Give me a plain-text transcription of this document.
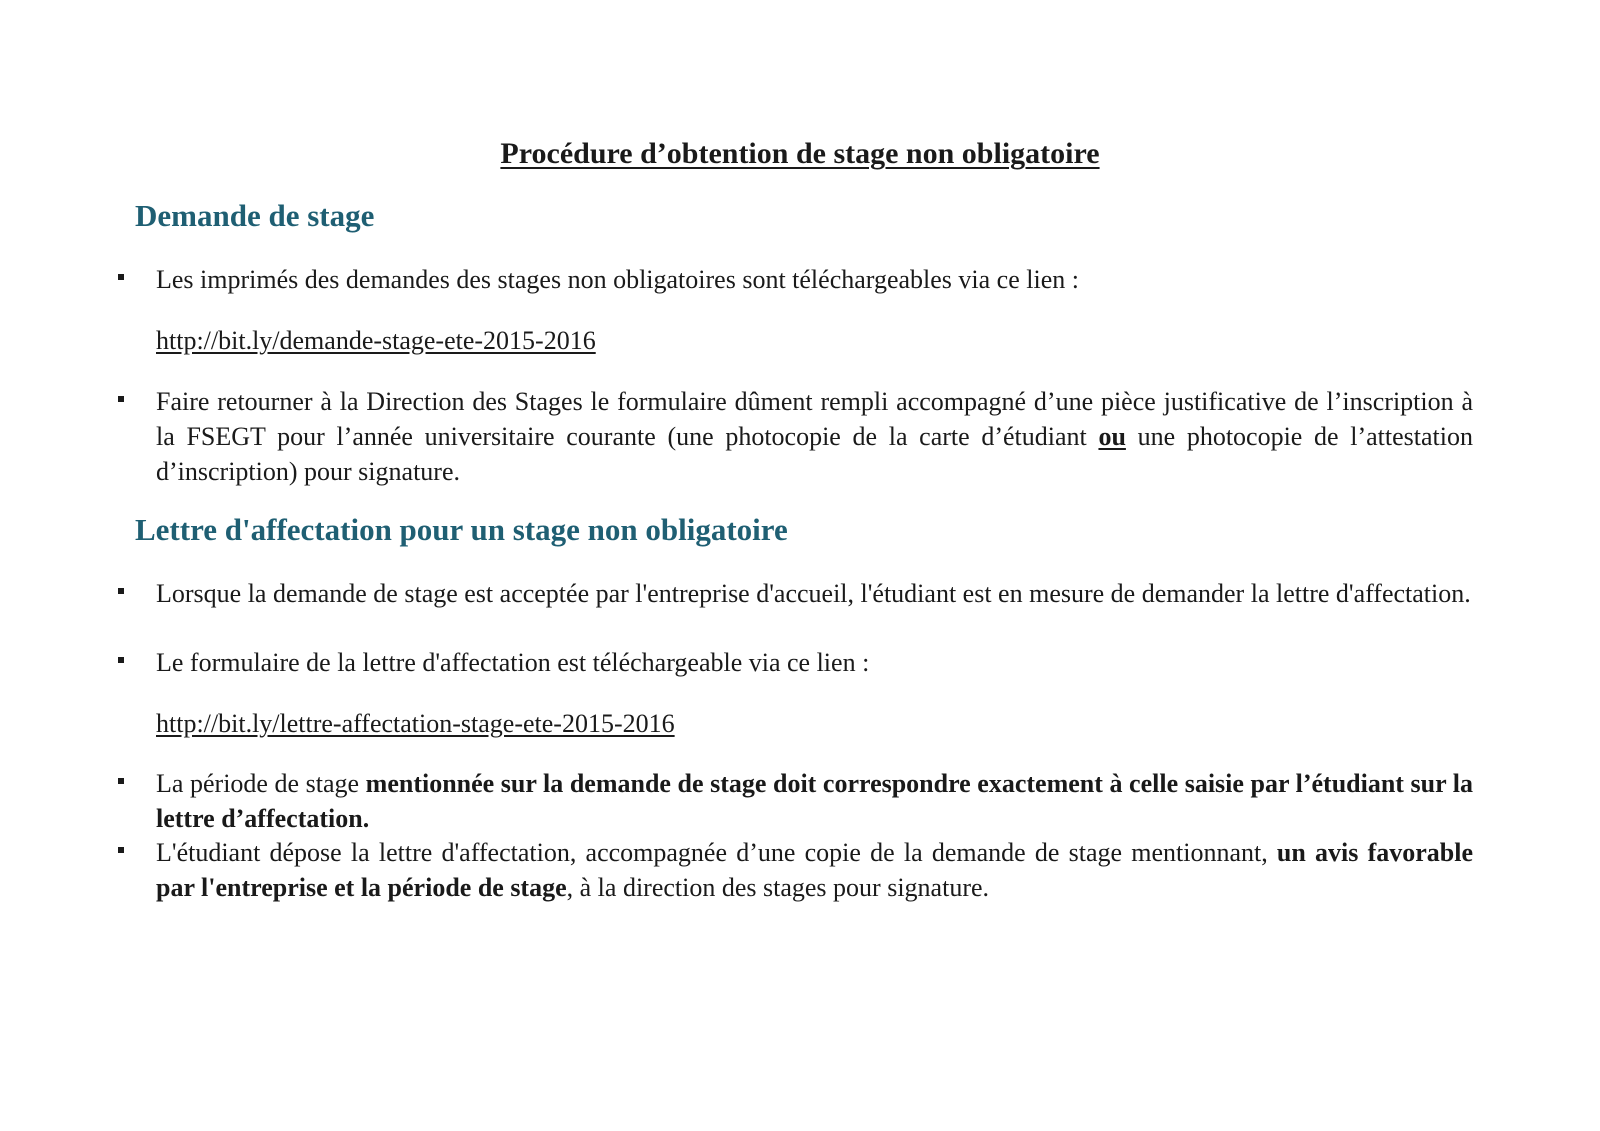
Procédure d’obtention de stage non obligatoire
Demande de stage

Les imprimés des demandes des stages non obligatoires sont téléchargeables via ce lien :

http://bit.ly/demande-stage-ete-2015-2016

Faire retourner à la Direction des Stages le formulaire dûment rempli accompagné d’une pièce justificative de l’inscription à la FSEGT pour l’année universitaire courante (une photocopie de la carte d’étudiant ou une photocopie de l’attestation d’inscription) pour signature.

Lettre d'affectation pour un stage non obligatoire

Lorsque la demande de stage est acceptée par l'entreprise d'accueil, l'étudiant est en mesure de demander la lettre d'affectation.

Le formulaire de la lettre d'affectation est téléchargeable via ce lien :

http://bit.ly/lettre-affectation-stage-ete-2015-2016

La période de stage mentionnée sur la demande de stage doit correspondre exactement à celle saisie par l’étudiant sur la lettre d’affectation.

L'étudiant dépose la lettre d'affectation, accompagnée d’une copie de la demande de stage mentionnant, un avis favorable par l'entreprise et la période de stage, à la direction des stages pour signature.
